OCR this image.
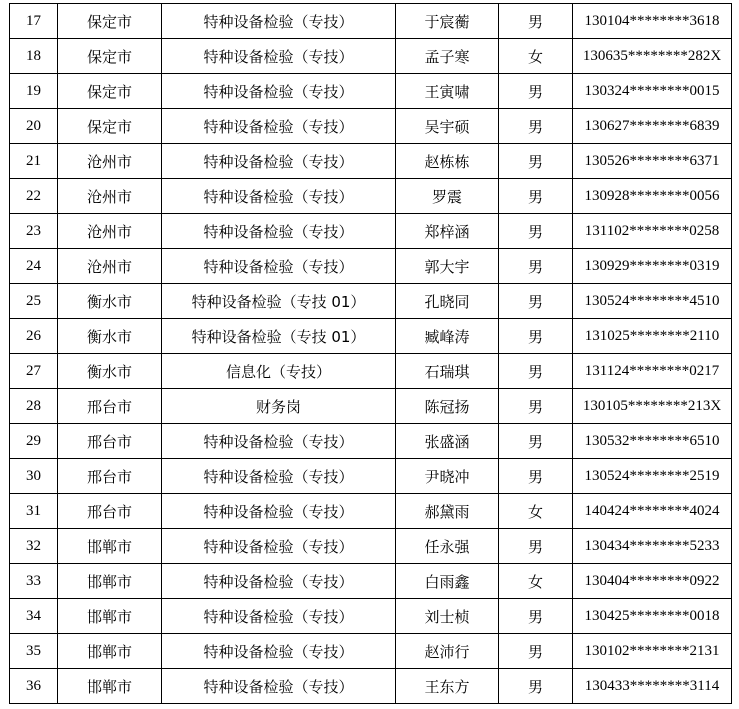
17	保定市	特种设备检验（专技）	于宸蘅	男	130104********3618
18	保定市	特种设备检验（专技）	孟子寒	女	130635********282X
19	保定市	特种设备检验（专技）	王寅啸	男	130324********0015
20	保定市	特种设备检验（专技）	吴宇硕	男	130627********6839
21	沧州市	特种设备检验（专技）	赵栋栋	男	130526********6371
22	沧州市	特种设备检验（专技）	罗震	男	130928********0056
23	沧州市	特种设备检验（专技）	郑梓涵	男	131102********0258
24	沧州市	特种设备检验（专技）	郭大宇	男	130929********0319
25	衡水市	特种设备检验（专技 01）	孔晓同	男	130524********4510
26	衡水市	特种设备检验（专技 01）	臧峰涛	男	131025********2110
27	衡水市	信息化（专技）	石瑞琪	男	131124********0217
28	邢台市	财务岗	陈冠扬	男	130105********213X
29	邢台市	特种设备检验（专技）	张盛涵	男	130532********6510
30	邢台市	特种设备检验（专技）	尹晓冲	男	130524********2519
31	邢台市	特种设备检验（专技）	郝黛雨	女	140424********4024
32	邯郸市	特种设备检验（专技）	任永强	男	130434********5233
33	邯郸市	特种设备检验（专技）	白雨鑫	女	130404********0922
34	邯郸市	特种设备检验（专技）	刘士桢	男	130425********0018
35	邯郸市	特种设备检验（专技）	赵沛行	男	130102********2131
36	邯郸市	特种设备检验（专技）	王东方	男	130433********3114
